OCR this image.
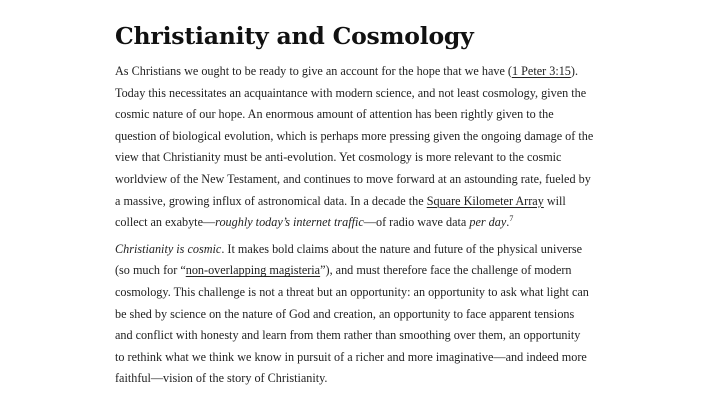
Christianity and Cosmology

As Christians we ought to be ready to give an account for the hope that we have (1 Peter 3:15).
Today this necessitates an acquaintance with modern science, and not least cosmology, given the
cosmic nature of our hope. An enormous amount of attention has been rightly given to the
question of biological evolution, which is perhaps more pressing given the ongoing damage of the
view that Christianity must be anti-evolution. Yet cosmology is more relevant to the cosmic
worldview of the New Testament, and continues to move forward at an astounding rate, fueled by
a massive, growing influx of astronomical data. In a decade the Square Kilometer Array will
collect an exabyte—roughly today’s internet traffic—of radio wave data per day.$^7$

Christianity is cosmic. It makes bold claims about the nature and future of the physical universe
(so much for “non-overlapping magisteria”), and must therefore face the challenge of modern
cosmology. This challenge is not a threat but an opportunity: an opportunity to ask what light can
be shed by science on the nature of God and creation, an opportunity to face apparent tensions
and conflict with honesty and learn from them rather than smoothing over them, an opportunity
to rethink what we think we know in pursuit of a richer and more imaginative—and indeed more
faithful—vision of the story of Christianity.
